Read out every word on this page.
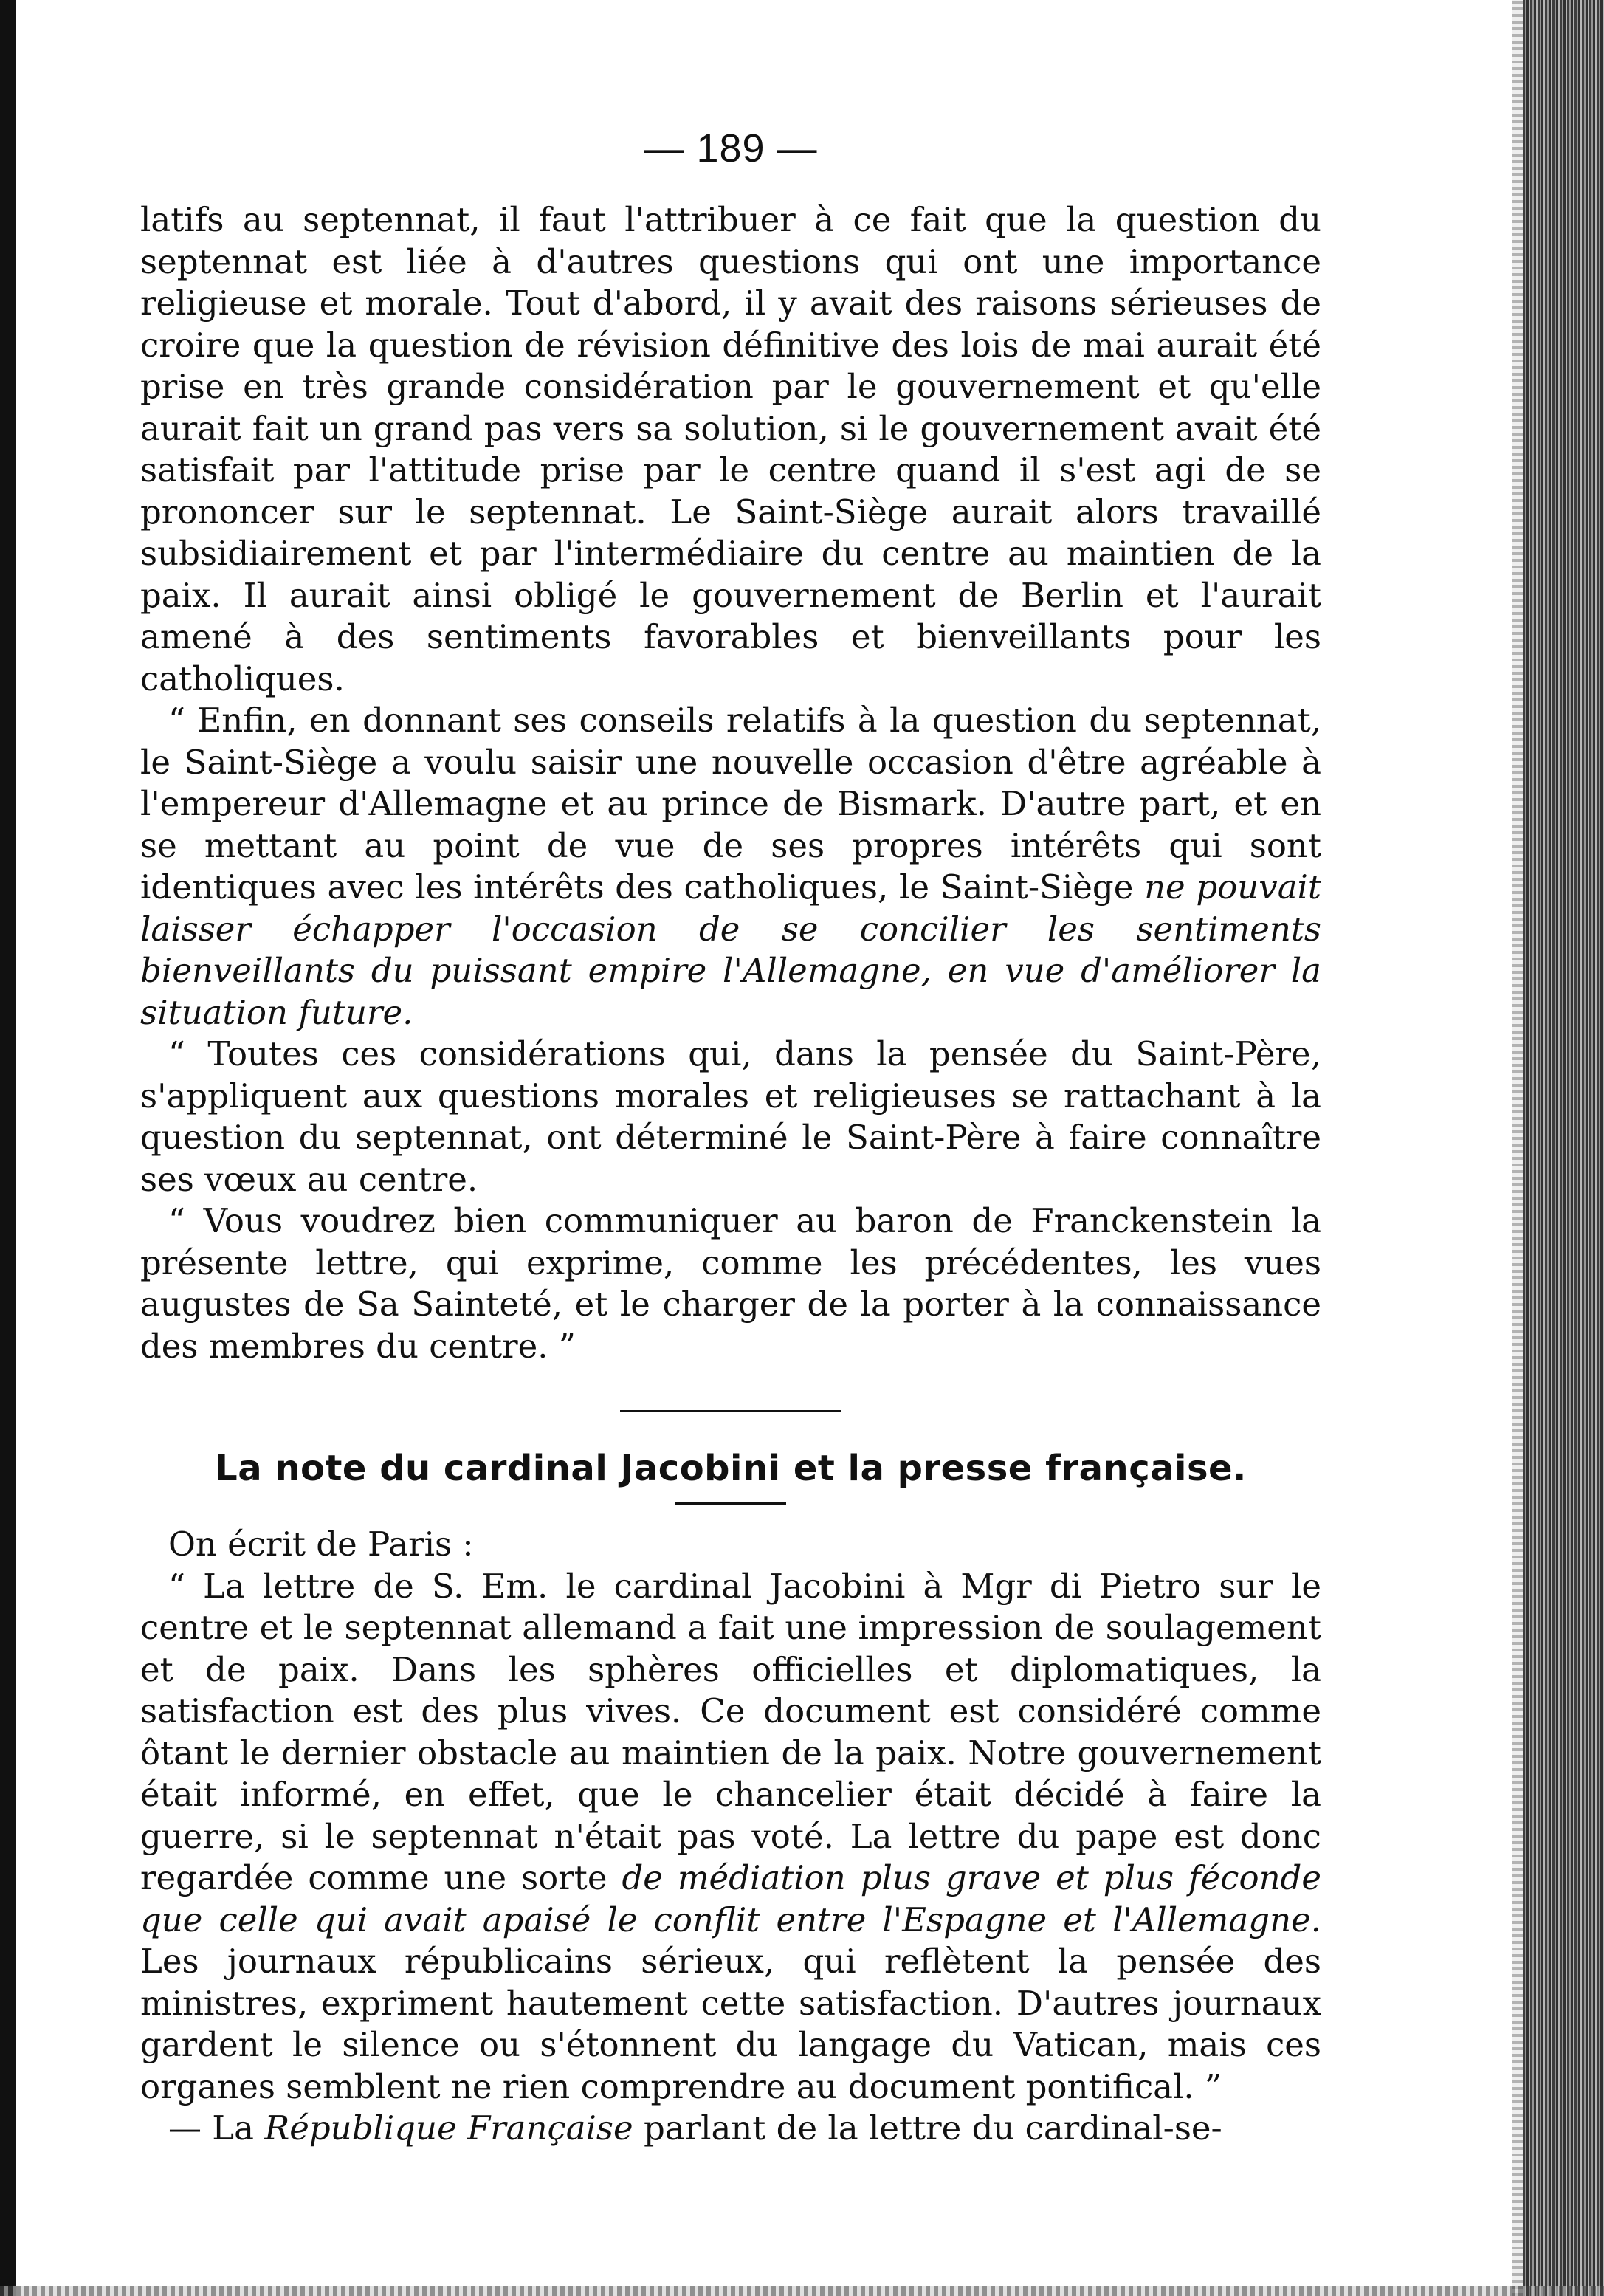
— 189 —

latifs au septennat, il faut l'attribuer à ce fait que la question du septennat est liée à d'autres questions qui ont une importance religieuse et morale. Tout d'abord, il y avait des raisons sérieuses de croire que la question de révision définitive des lois de mai aurait été prise en très grande considération par le gouvernement et qu'elle aurait fait un grand pas vers sa solution, si le gouvernement avait été satisfait par l'attitude prise par le centre quand il s'est agi de se prononcer sur le septennat. Le Saint-Siège aurait alors travaillé subsidiairement et par l'intermédiaire du centre au maintien de la paix. Il aurait ainsi obligé le gouvernement de Berlin et l'aurait amené à des sentiments favorables et bienveillants pour les catholiques.

“ Enfin, en donnant ses conseils relatifs à la question du septennat, le Saint-Siège a voulu saisir une nouvelle occasion d'être agréable à l'empereur d'Allemagne et au prince de Bismark. D'autre part, et en se mettant au point de vue de ses propres intérêts qui sont identiques avec les intérêts des catholiques, le Saint-Siège ne pouvait laisser échapper l'occasion de se concilier les sentiments bienveillants du puissant empire l'Allemagne, en vue d'améliorer la situation future.

“ Toutes ces considérations qui, dans la pensée du Saint-Père, s'appliquent aux questions morales et religieuses se rattachant à la question du septennat, ont déterminé le Saint-Père à faire connaître ses vœux au centre.

“ Vous voudrez bien communiquer au baron de Franckenstein la présente lettre, qui exprime, comme les précédentes, les vues augustes de Sa Sainteté, et le charger de la porter à la connaissance des membres du centre. ”

La note du cardinal Jacobini et la presse française.

On écrit de Paris :

“ La lettre de S. Em. le cardinal Jacobini à Mgr di Pietro sur le centre et le septennat allemand a fait une impression de soulagement et de paix. Dans les sphères officielles et diplomatiques, la satisfaction est des plus vives. Ce document est considéré comme ôtant le dernier obstacle au maintien de la paix. Notre gouvernement était informé, en effet, que le chancelier était décidé à faire la guerre, si le septennat n'était pas voté. La lettre du pape est donc regardée comme une sorte de médiation plus grave et plus féconde que celle qui avait apaisé le conflit entre l'Espagne et l'Allemagne. Les journaux républicains sérieux, qui reflètent la pensée des ministres, expriment hautement cette satisfaction. D'autres journaux gardent le silence ou s'étonnent du langage du Vatican, mais ces organes semblent ne rien comprendre au document pontifical. ”

— La République Française parlant de la lettre du cardinal-se-
